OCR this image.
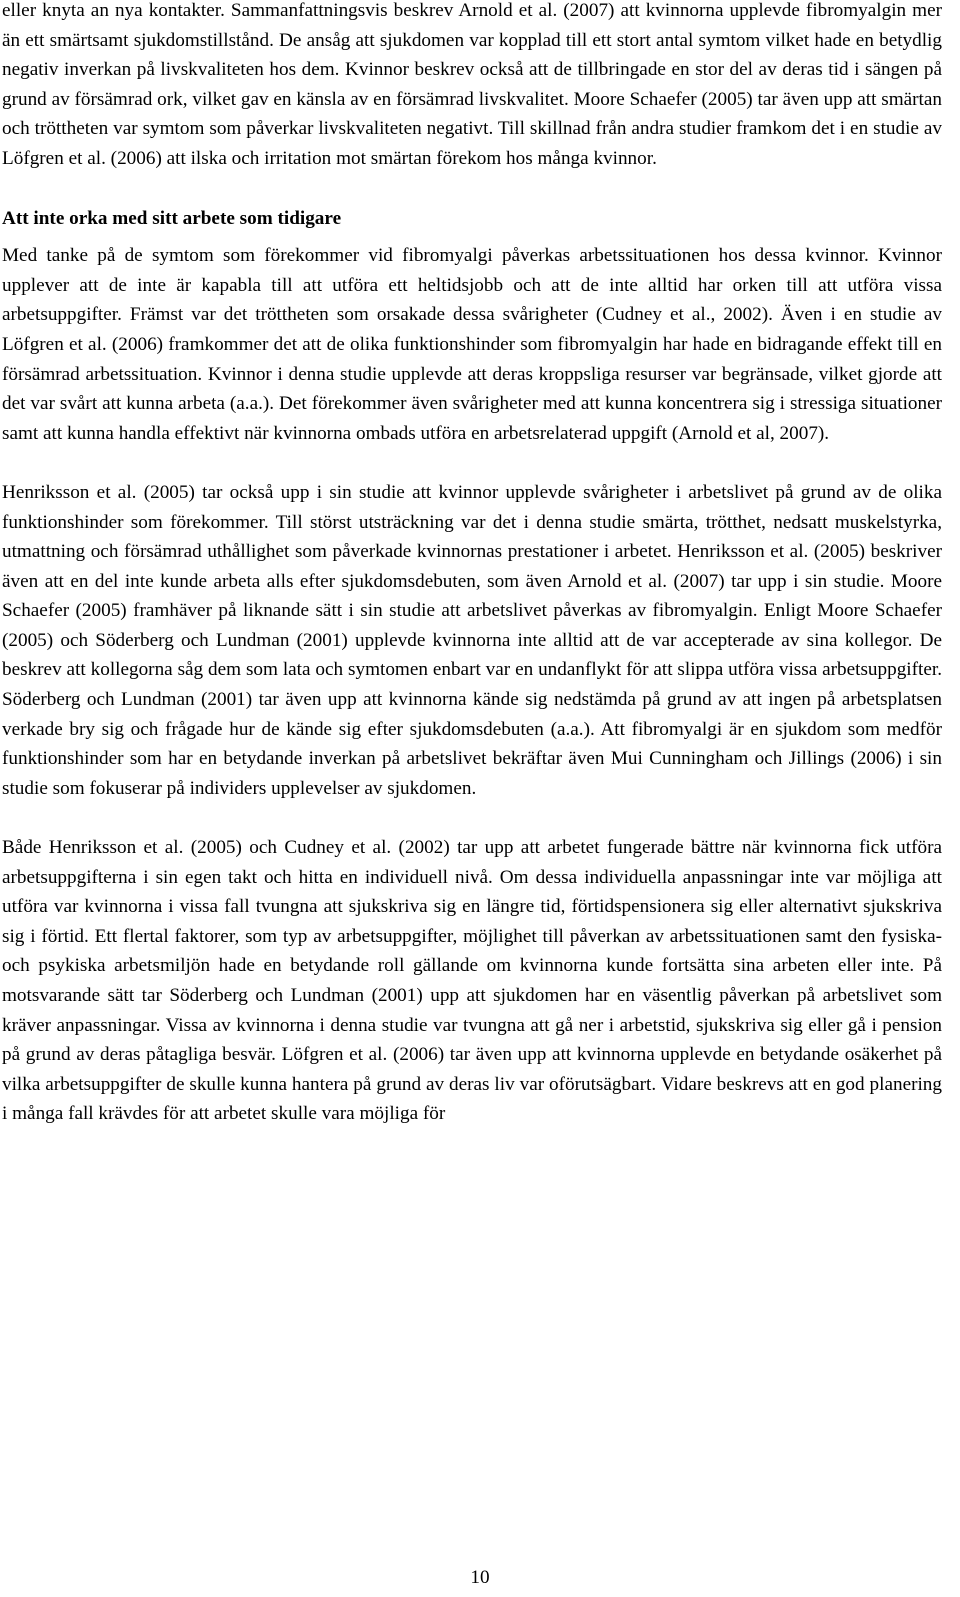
eller knyta an nya kontakter. Sammanfattningsvis beskrev Arnold et al. (2007) att kvinnorna upplevde fibromyalgin mer än ett smärtsamt sjukdomstillstånd. De ansåg att sjukdomen var kopplad till ett stort antal symtom vilket hade en betydlig negativ inverkan på livskvaliteten hos dem. Kvinnor beskrev också att de tillbringade en stor del av deras tid i sängen på grund av försämrad ork, vilket gav en känsla av en försämrad livskvalitet. Moore Schaefer (2005) tar även upp att smärtan och tröttheten var symtom som påverkar livskvaliteten negativt. Till skillnad från andra studier framkom det i en studie av Löfgren et al. (2006) att ilska och irritation mot smärtan förekom hos många kvinnor.

Att inte orka med sitt arbete som tidigare

Med tanke på de symtom som förekommer vid fibromyalgi påverkas arbetssituationen hos dessa kvinnor. Kvinnor upplever att de inte är kapabla till att utföra ett heltidsjobb och att de inte alltid har orken till att utföra vissa arbetsuppgifter. Främst var det tröttheten som orsakade dessa svårigheter (Cudney et al., 2002). Även i en studie av Löfgren et al. (2006) framkommer det att de olika funktionshinder som fibromyalgin har hade en bidragande effekt till en försämrad arbetssituation. Kvinnor i denna studie upplevde att deras kroppsliga resurser var begränsade, vilket gjorde att det var svårt att kunna arbeta (a.a.). Det förekommer även svårigheter med att kunna koncentrera sig i stressiga situationer samt att kunna handla effektivt när kvinnorna ombads utföra en arbetsrelaterad uppgift (Arnold et al, 2007).

Henriksson et al. (2005) tar också upp i sin studie att kvinnor upplevde svårigheter i arbetslivet på grund av de olika funktionshinder som förekommer. Till störst utsträckning var det i denna studie smärta, trötthet, nedsatt muskelstyrka, utmattning och försämrad uthållighet som påverkade kvinnornas prestationer i arbetet. Henriksson et al. (2005) beskriver även att en del inte kunde arbeta alls efter sjukdomsdebuten, som även Arnold et al. (2007) tar upp i sin studie. Moore Schaefer (2005) framhäver på liknande sätt i sin studie att arbetslivet påverkas av fibromyalgin. Enligt Moore Schaefer (2005) och Söderberg och Lundman (2001) upplevde kvinnorna inte alltid att de var accepterade av sina kollegor. De beskrev att kollegorna såg dem som lata och symtomen enbart var en undanflykt för att slippa utföra vissa arbetsuppgifter. Söderberg och Lundman (2001) tar även upp att kvinnorna kände sig nedstämda på grund av att ingen på arbetsplatsen verkade bry sig och frågade hur de kände sig efter sjukdomsdebuten (a.a.). Att fibromyalgi är en sjukdom som medför funktionshinder som har en betydande inverkan på arbetslivet bekräftar även Mui Cunningham och Jillings (2006) i sin studie som fokuserar på individers upplevelser av sjukdomen.

Både Henriksson et al. (2005) och Cudney et al. (2002) tar upp att arbetet fungerade bättre när kvinnorna fick utföra arbetsuppgifterna i sin egen takt och hitta en individuell nivå. Om dessa individuella anpassningar inte var möjliga att utföra var kvinnorna i vissa fall tvungna att sjukskriva sig en längre tid, förtidspensionera sig eller alternativt sjukskriva sig i förtid. Ett flertal faktorer, som typ av arbetsuppgifter, möjlighet till påverkan av arbetssituationen samt den fysiska- och psykiska arbetsmiljön hade en betydande roll gällande om kvinnorna kunde fortsätta sina arbeten eller inte. På motsvarande sätt tar Söderberg och Lundman (2001) upp att sjukdomen har en väsentlig påverkan på arbetslivet som kräver anpassningar. Vissa av kvinnorna i denna studie var tvungna att gå ner i arbetstid, sjukskriva sig eller gå i pension på grund av deras påtagliga besvär. Löfgren et al. (2006) tar även upp att kvinnorna upplevde en betydande osäkerhet på vilka arbetsuppgifter de skulle kunna hantera på grund av deras liv var oförutsägbart. Vidare beskrevs att en god planering i många fall krävdes för att arbetet skulle vara möjliga för

10
